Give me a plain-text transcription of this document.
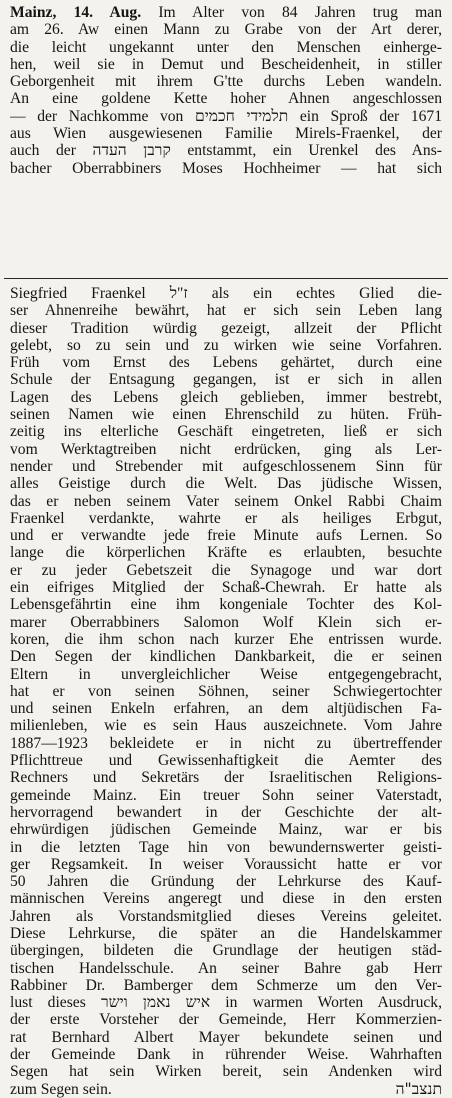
Mainz, 14. Aug. Im Alter von 84 Jahren trug man
am 26. Aw einen Mann zu Grabe von der Art derer,
die leicht ungekannt unter den Menschen einherge-
hen, weil sie in Demut und Bescheidenheit, in stiller
Geborgenheit mit ihrem G'tte durchs Leben wandeln.
An eine goldene Kette hoher Ahnen angeschlossen
— der Nachkomme von תלמידי חכמים ein Sproß der 1671
aus Wien ausgewiesenen Familie Mirels-Fraenkel, der
auch der קרבן העדה entstammt, ein Urenkel des Ans-
bacher Oberrabbiners Moses Hochheimer — hat sich
Siegfried Fraenkel ז"ל als ein echtes Glied die-
ser Ahnenreihe bewährt, hat er sich sein Leben lang
dieser Tradition würdig gezeigt, allzeit der Pflicht
gelebt, so zu sein und zu wirken wie seine Vorfahren.
Früh vom Ernst des Lebens gehärtet, durch eine
Schule der Entsagung gegangen, ist er sich in allen
Lagen des Lebens gleich geblieben, immer bestrebt,
seinen Namen wie einen Ehrenschild zu hüten. Früh-
zeitig ins elterliche Geschäft eingetreten, ließ er sich
vom Werktagtreiben nicht erdrücken, ging als Ler-
nender und Strebender mit aufgeschlossenem Sinn für
alles Geistige durch die Welt. Das jüdische Wissen,
das er neben seinem Vater seinem Onkel Rabbi Chaim
Fraenkel verdankte, wahrte er als heiliges Erbgut,
und er verwandte jede freie Minute aufs Lernen. So
lange die körperlichen Kräfte es erlaubten, besuchte
er zu jeder Gebetszeit die Synagoge und war dort
ein eifriges Mitglied der Schaß-Chewrah. Er hatte als
Lebensgefährtin eine ihm kongeniale Tochter des Kol-
marer Oberrabbiners Salomon Wolf Klein sich er-
koren, die ihm schon nach kurzer Ehe entrissen wurde.
Den Segen der kindlichen Dankbarkeit, die er seinen
Eltern in unvergleichlicher Weise entgegengebracht,
hat er von seinen Söhnen, seiner Schwiegertochter
und seinen Enkeln erfahren, an dem altjüdischen Fa-
milienleben, wie es sein Haus auszeichnete. Vom Jahre
1887—1923 bekleidete er in nicht zu übertreffender
Pflichttreue und Gewissenhaftigkeit die Aemter des
Rechners und Sekretärs der Israelitischen Religions-
gemeinde Mainz. Ein treuer Sohn seiner Vaterstadt,
hervorragend bewandert in der Geschichte der alt-
ehrwürdigen jüdischen Gemeinde Mainz, war er bis
in die letzten Tage hin von bewundernswerter geisti-
ger Regsamkeit. In weiser Voraussicht hatte er vor
50 Jahren die Gründung der Lehrkurse des Kauf-
männischen Vereins angeregt und diese in den ersten
Jahren als Vorstandsmitglied dieses Vereins geleitet.
Diese Lehrkurse, die später an die Handelskammer
übergingen, bildeten die Grundlage der heutigen städ-
tischen Handelsschule. An seiner Bahre gab Herr
Rabbiner Dr. Bamberger dem Schmerze um den Ver-
lust dieses איש נאמן וישר in warmen Worten Ausdruck,
der erste Vorsteher der Gemeinde, Herr Kommerzien-
rat Bernhard Albert Mayer bekundete seinen und
der Gemeinde Dank in rührender Weise. Wahrhaften
Segen hat sein Wirken bereit, sein Andenken wird
zum Segen sein.	תנצב"ה
